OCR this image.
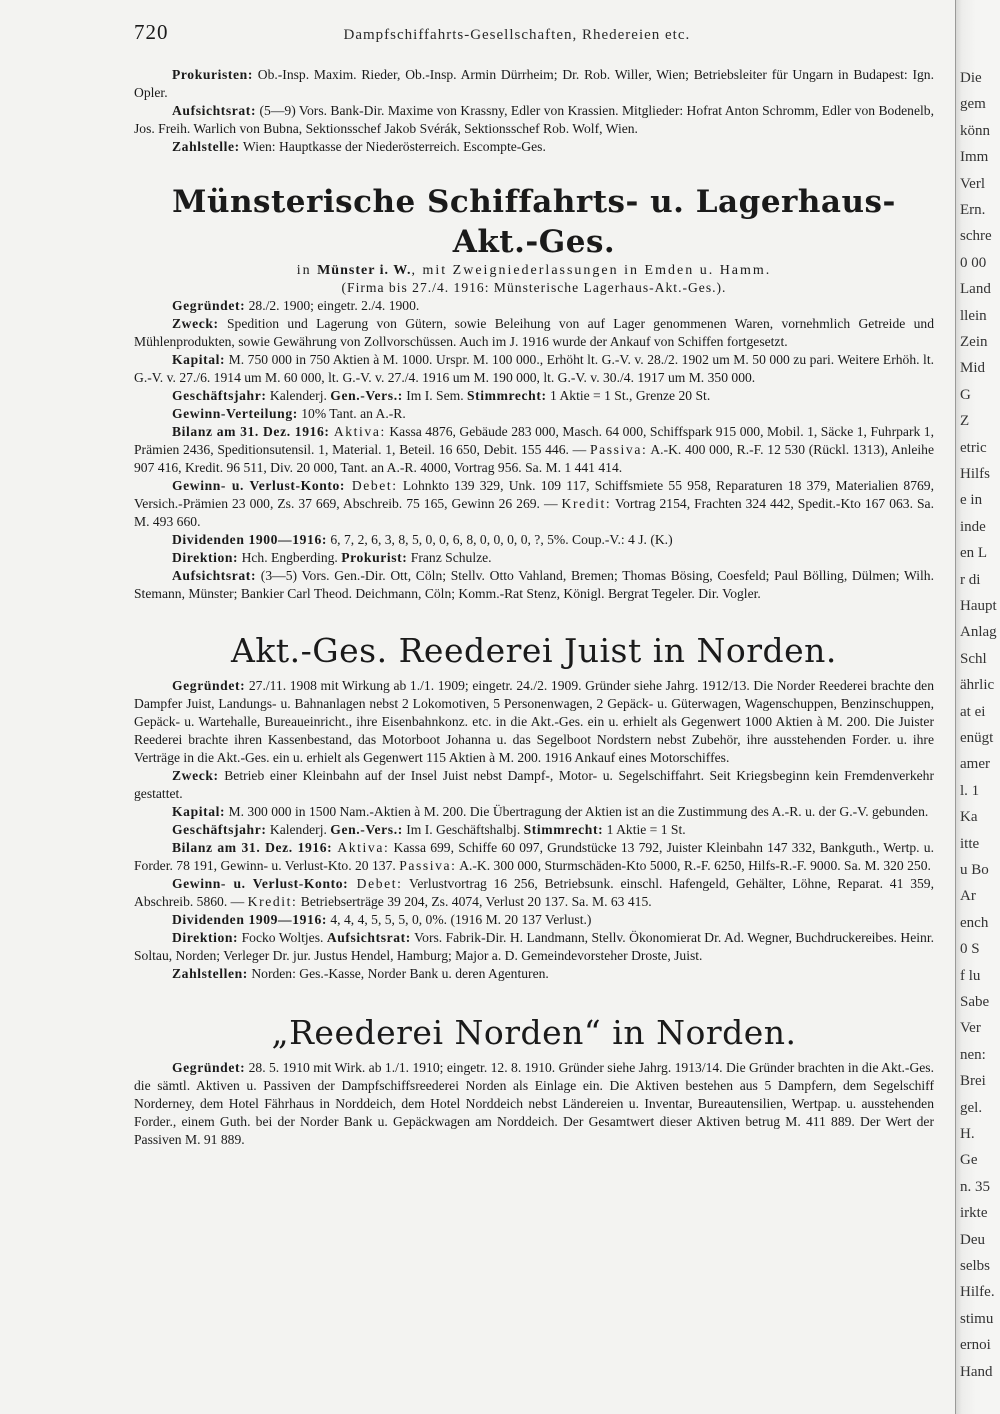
720	Dampfschiffahrts-Gesellschaften, Rhedereien etc.

Prokuristen: Ob.-Insp. Maxim. Rieder, Ob.-Insp. Armin Dürrheim; Dr. Rob. Willer, Wien; Betriebsleiter für Ungarn in Budapest: Ign. Opler.

Aufsichtsrat: (5—9) Vors. Bank-Dir. Maxime von Krassny, Edler von Krassien. Mitglieder: Hofrat Anton Schromm, Edler von Bodenelb, Jos. Freih. Warlich von Bubna, Sektionsschef Jakob Svérák, Sektionsschef Rob. Wolf, Wien.

Zahlstelle: Wien: Hauptkasse der Niederösterreich. Escompte-Ges.

Münsterische Schiffahrts- u. Lagerhaus-Akt.-Ges.
in Münster i. W., mit Zweigniederlassungen in Emden u. Hamm.
(Firma bis 27./4. 1916: Münsterische Lagerhaus-Akt.-Ges.).

Gegründet: 28./2. 1900; eingetr. 2./4. 1900.

Zweck: Spedition und Lagerung von Gütern, sowie Beleihung von auf Lager genommenen Waren, vornehmlich Getreide und Mühlenprodukten, sowie Gewährung von Zollvorschüssen. Auch im J. 1916 wurde der Ankauf von Schiffen fortgesetzt.

Kapital: M. 750 000 in 750 Aktien à M. 1000. Urspr. M. 100 000., Erhöht lt. G.-V. v. 28./2. 1902 um M. 50 000 zu pari. Weitere Erhöh. lt. G.-V. v. 27./6. 1914 um M. 60 000, lt. G.-V. v. 27./4. 1916 um M. 190 000, lt. G.-V. v. 30./4. 1917 um M. 350 000.

Geschäftsjahr: Kalenderj. Gen.-Vers.: Im I. Sem. Stimmrecht: 1 Aktie = 1 St., Grenze 20 St.

Gewinn-Verteilung: 10% Tant. an A.-R.

Bilanz am 31. Dez. 1916: Aktiva: Kassa 4876, Gebäude 283 000, Masch. 64 000, Schiffspark 915 000, Mobil. 1, Säcke 1, Fuhrpark 1, Prämien 2436, Speditionsutensil. 1, Material. 1, Beteil. 16 650, Debit. 155 446. — Passiva: A.-K. 400 000, R.-F. 12 530 (Rückl. 1313), Anleihe 907 416, Kredit. 96 511, Div. 20 000, Tant. an A.-R. 4000, Vortrag 956. Sa. M. 1 441 414.

Gewinn- u. Verlust-Konto: Debet: Lohnkto 139 329, Unk. 109 117, Schiffsmiete 55 958, Reparaturen 18 379, Materialien 8769, Versich.-Prämien 23 000, Zs. 37 669, Abschreib. 75 165, Gewinn 26 269. — Kredit: Vortrag 2154, Frachten 324 442, Spedit.-Kto 167 063. Sa. M. 493 660.

Dividenden 1900—1916: 6, 7, 2, 6, 3, 8, 5, 0, 0, 6, 8, 0, 0, 0, 0, ?, 5%. Coup.-V.: 4 J. (K.)

Direktion: Hch. Engberding. Prokurist: Franz Schulze.

Aufsichtsrat: (3—5) Vors. Gen.-Dir. Ott, Cöln; Stellv. Otto Vahland, Bremen; Thomas Bösing, Coesfeld; Paul Bölling, Dülmen; Wilh. Stemann, Münster; Bankier Carl Theod. Deichmann, Cöln; Komm.-Rat Stenz, Königl. Bergrat Tegeler. Dir. Vogler.

Akt.-Ges. Reederei Juist in Norden.

Gegründet: 27./11. 1908 mit Wirkung ab 1./1. 1909; eingetr. 24./2. 1909. Gründer siehe Jahrg. 1912/13. Die Norder Reederei brachte den Dampfer Juist, Landungs- u. Bahnanlagen nebst 2 Lokomotiven, 5 Personenwagen, 2 Gepäck- u. Güterwagen, Wagenschuppen, Benzinschuppen, Gepäck- u. Wartehalle, Bureaueinricht., ihre Eisenbahnkonz. etc. in die Akt.-Ges. ein u. erhielt als Gegenwert 1000 Aktien à M. 200. Die Juister Reederei brachte ihren Kassenbestand, das Motorboot Johanna u. das Segelboot Nordstern nebst Zubehör, ihre ausstehenden Forder. u. ihre Verträge in die Akt.-Ges. ein u. erhielt als Gegenwert 115 Aktien à M. 200. 1916 Ankauf eines Motorschiffes.

Zweck: Betrieb einer Kleinbahn auf der Insel Juist nebst Dampf-, Motor- u. Segelschiffahrt. Seit Kriegsbeginn kein Fremdenverkehr gestattet.

Kapital: M. 300 000 in 1500 Nam.-Aktien à M. 200. Die Übertragung der Aktien ist an die Zustimmung des A.-R. u. der G.-V. gebunden.

Geschäftsjahr: Kalenderj. Gen.-Vers.: Im I. Geschäftshalbj. Stimmrecht: 1 Aktie = 1 St.

Bilanz am 31. Dez. 1916: Aktiva: Kassa 699, Schiffe 60 097, Grundstücke 13 792, Juister Kleinbahn 147 332, Bankguth., Wertp. u. Forder. 78 191, Gewinn- u. Verlust-Kto. 20 137. Passiva: A.-K. 300 000, Sturmschäden-Kto 5000, R.-F. 6250, Hilfs-R.-F. 9000. Sa. M. 320 250.

Gewinn- u. Verlust-Konto: Debet: Verlustvortrag 16 256, Betriebsunk. einschl. Hafengeld, Gehälter, Löhne, Reparat. 41 359, Abschreib. 5860. — Kredit: Betriebserträge 39 204, Zs. 4074, Verlust 20 137. Sa. M. 63 415.

Dividenden 1909—1916: 4, 4, 4, 5, 5, 5, 0, 0%. (1916 M. 20 137 Verlust.)

Direktion: Focko Woltjes. Aufsichtsrat: Vors. Fabrik-Dir. H. Landmann, Stellv. Ökonomierat Dr. Ad. Wegner, Buchdruckereibes. Heinr. Soltau, Norden; Verleger Dr. jur. Justus Hendel, Hamburg; Major a. D. Gemeindevorsteher Droste, Juist.

Zahlstellen: Norden: Ges.-Kasse, Norder Bank u. deren Agenturen.

„Reederei Norden“ in Norden.

Gegründet: 28. 5. 1910 mit Wirk. ab 1./1. 1910; eingetr. 12. 8. 1910. Gründer siehe Jahrg. 1913/14. Die Gründer brachten in die Akt.-Ges. die sämtl. Aktiven u. Passiven der Dampfschiffsreederei Norden als Einlage ein. Die Aktiven bestehen aus 5 Dampfern, dem Segelschiff Norderney, dem Hotel Fährhaus in Norddeich, dem Hotel Norddeich nebst Ländereien u. Inventar, Bureautensilien, Wertpap. u. ausstehenden Forder., einem Guth. bei der Norder Bank u. Gepäckwagen am Norddeich. Der Gesamtwert dieser Aktiven betrug M. 411 889. Der Wert der Passiven M. 91 889.

Die
gem
könn
Imm
Verl
Ern.
schre
0 00
Land
llein
Zein
Mid
G
Z
etric
Hilfs
e in
inde
en L
r di
Haupt
Anlag
Schl
ährlic
at ei
enügt
amer
l. 1
Ka
itte
u Bo
Ar
ench
0 S
f lu
Sabe
Ver
nen:
Brei
gel.
H.
Ge
n. 35
irkte
Deu
selbs
Hilfe.
stimu
ernoi
Hand
